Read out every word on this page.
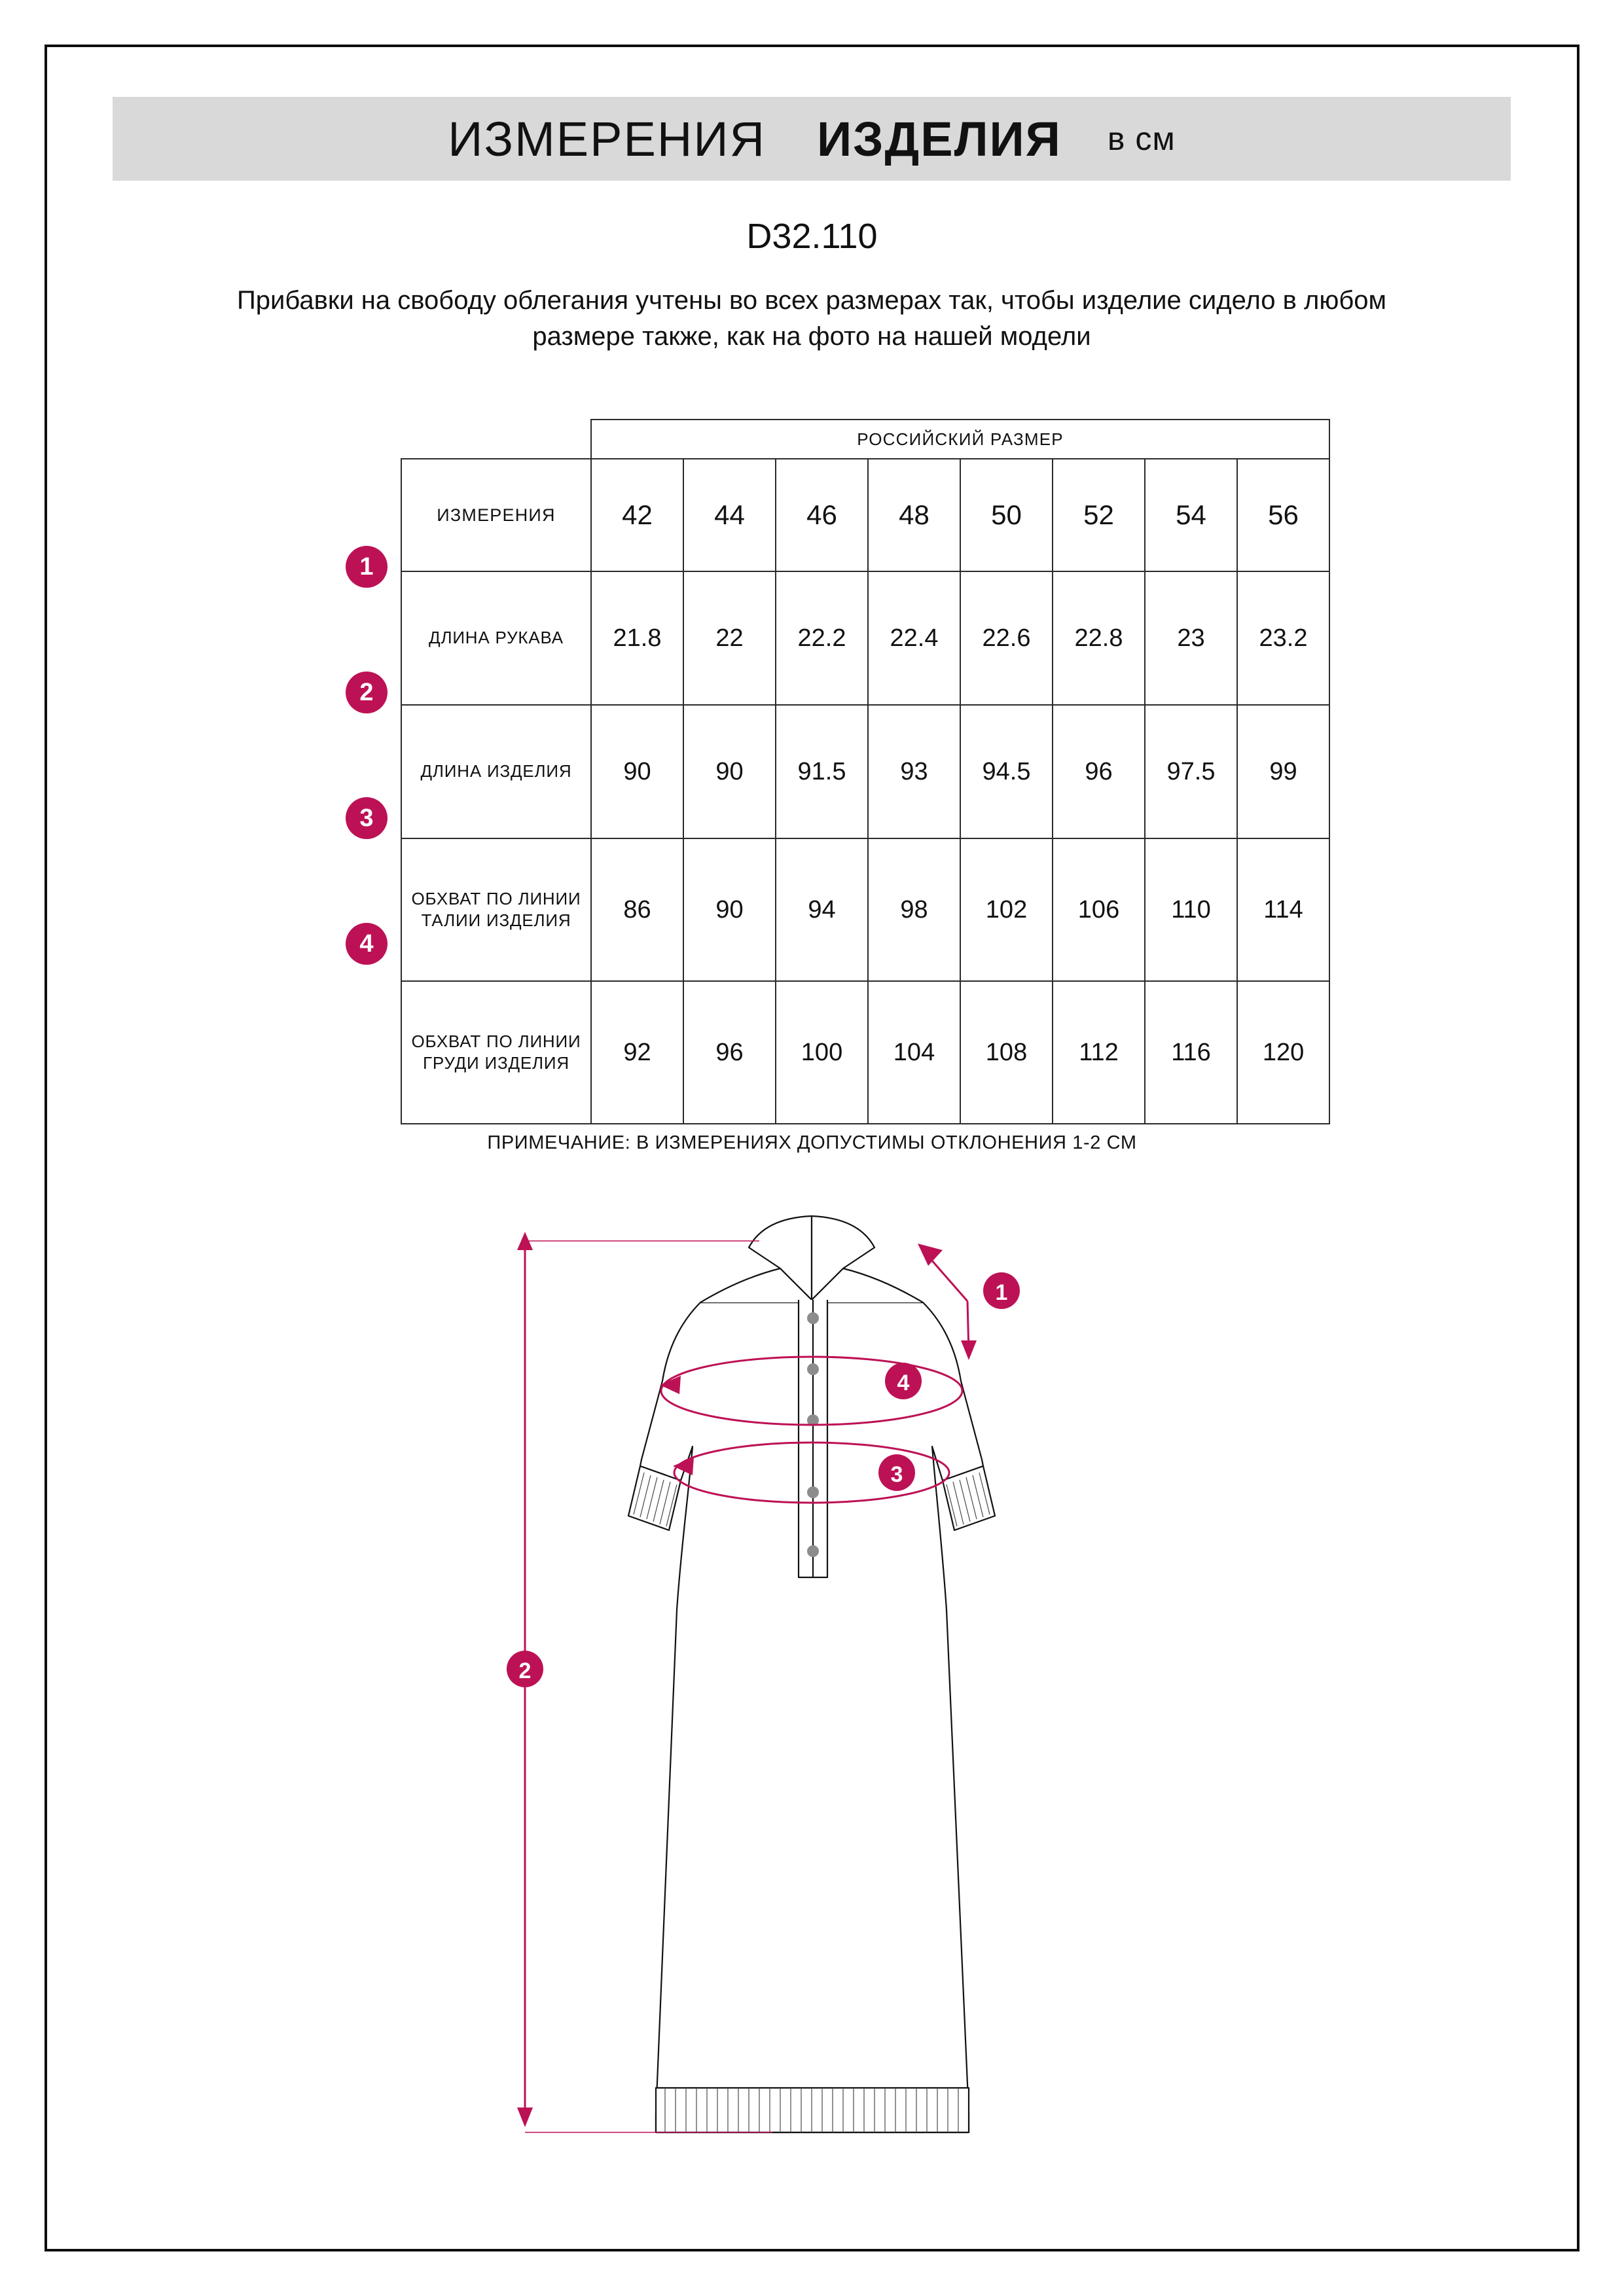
ИЗМЕРЕНИЯ ИЗДЕЛИЯ в см
D32.110
Прибавки на свободу облегания учтены во всех размерах так, чтобы изделие сидело в любом размере также, как на фото на нашей модели
1
2
3
4
	РОССИЙСКИЙ РАЗМЕР							
ИЗМЕРЕНИЯ	42	44	46	48	50	52	54	56
ДЛИНА РУКАВА	21.8	22	22.2	22.4	22.6	22.8	23	23.2
ДЛИНА ИЗДЕЛИЯ	90	90	91.5	93	94.5	96	97.5	99
ОБХВАТ ПО ЛИНИИ ТАЛИИ ИЗДЕЛИЯ	86	90	94	98	102	106	110	114
ОБХВАТ ПО ЛИНИИ ГРУДИ ИЗДЕЛИЯ	92	96	100	104	108	112	116	120
ПРИМЕЧАНИЕ: В ИЗМЕРЕНИЯХ ДОПУСТИМЫ ОТКЛОНЕНИЯ 1-2 СМ
1
2
3
4
